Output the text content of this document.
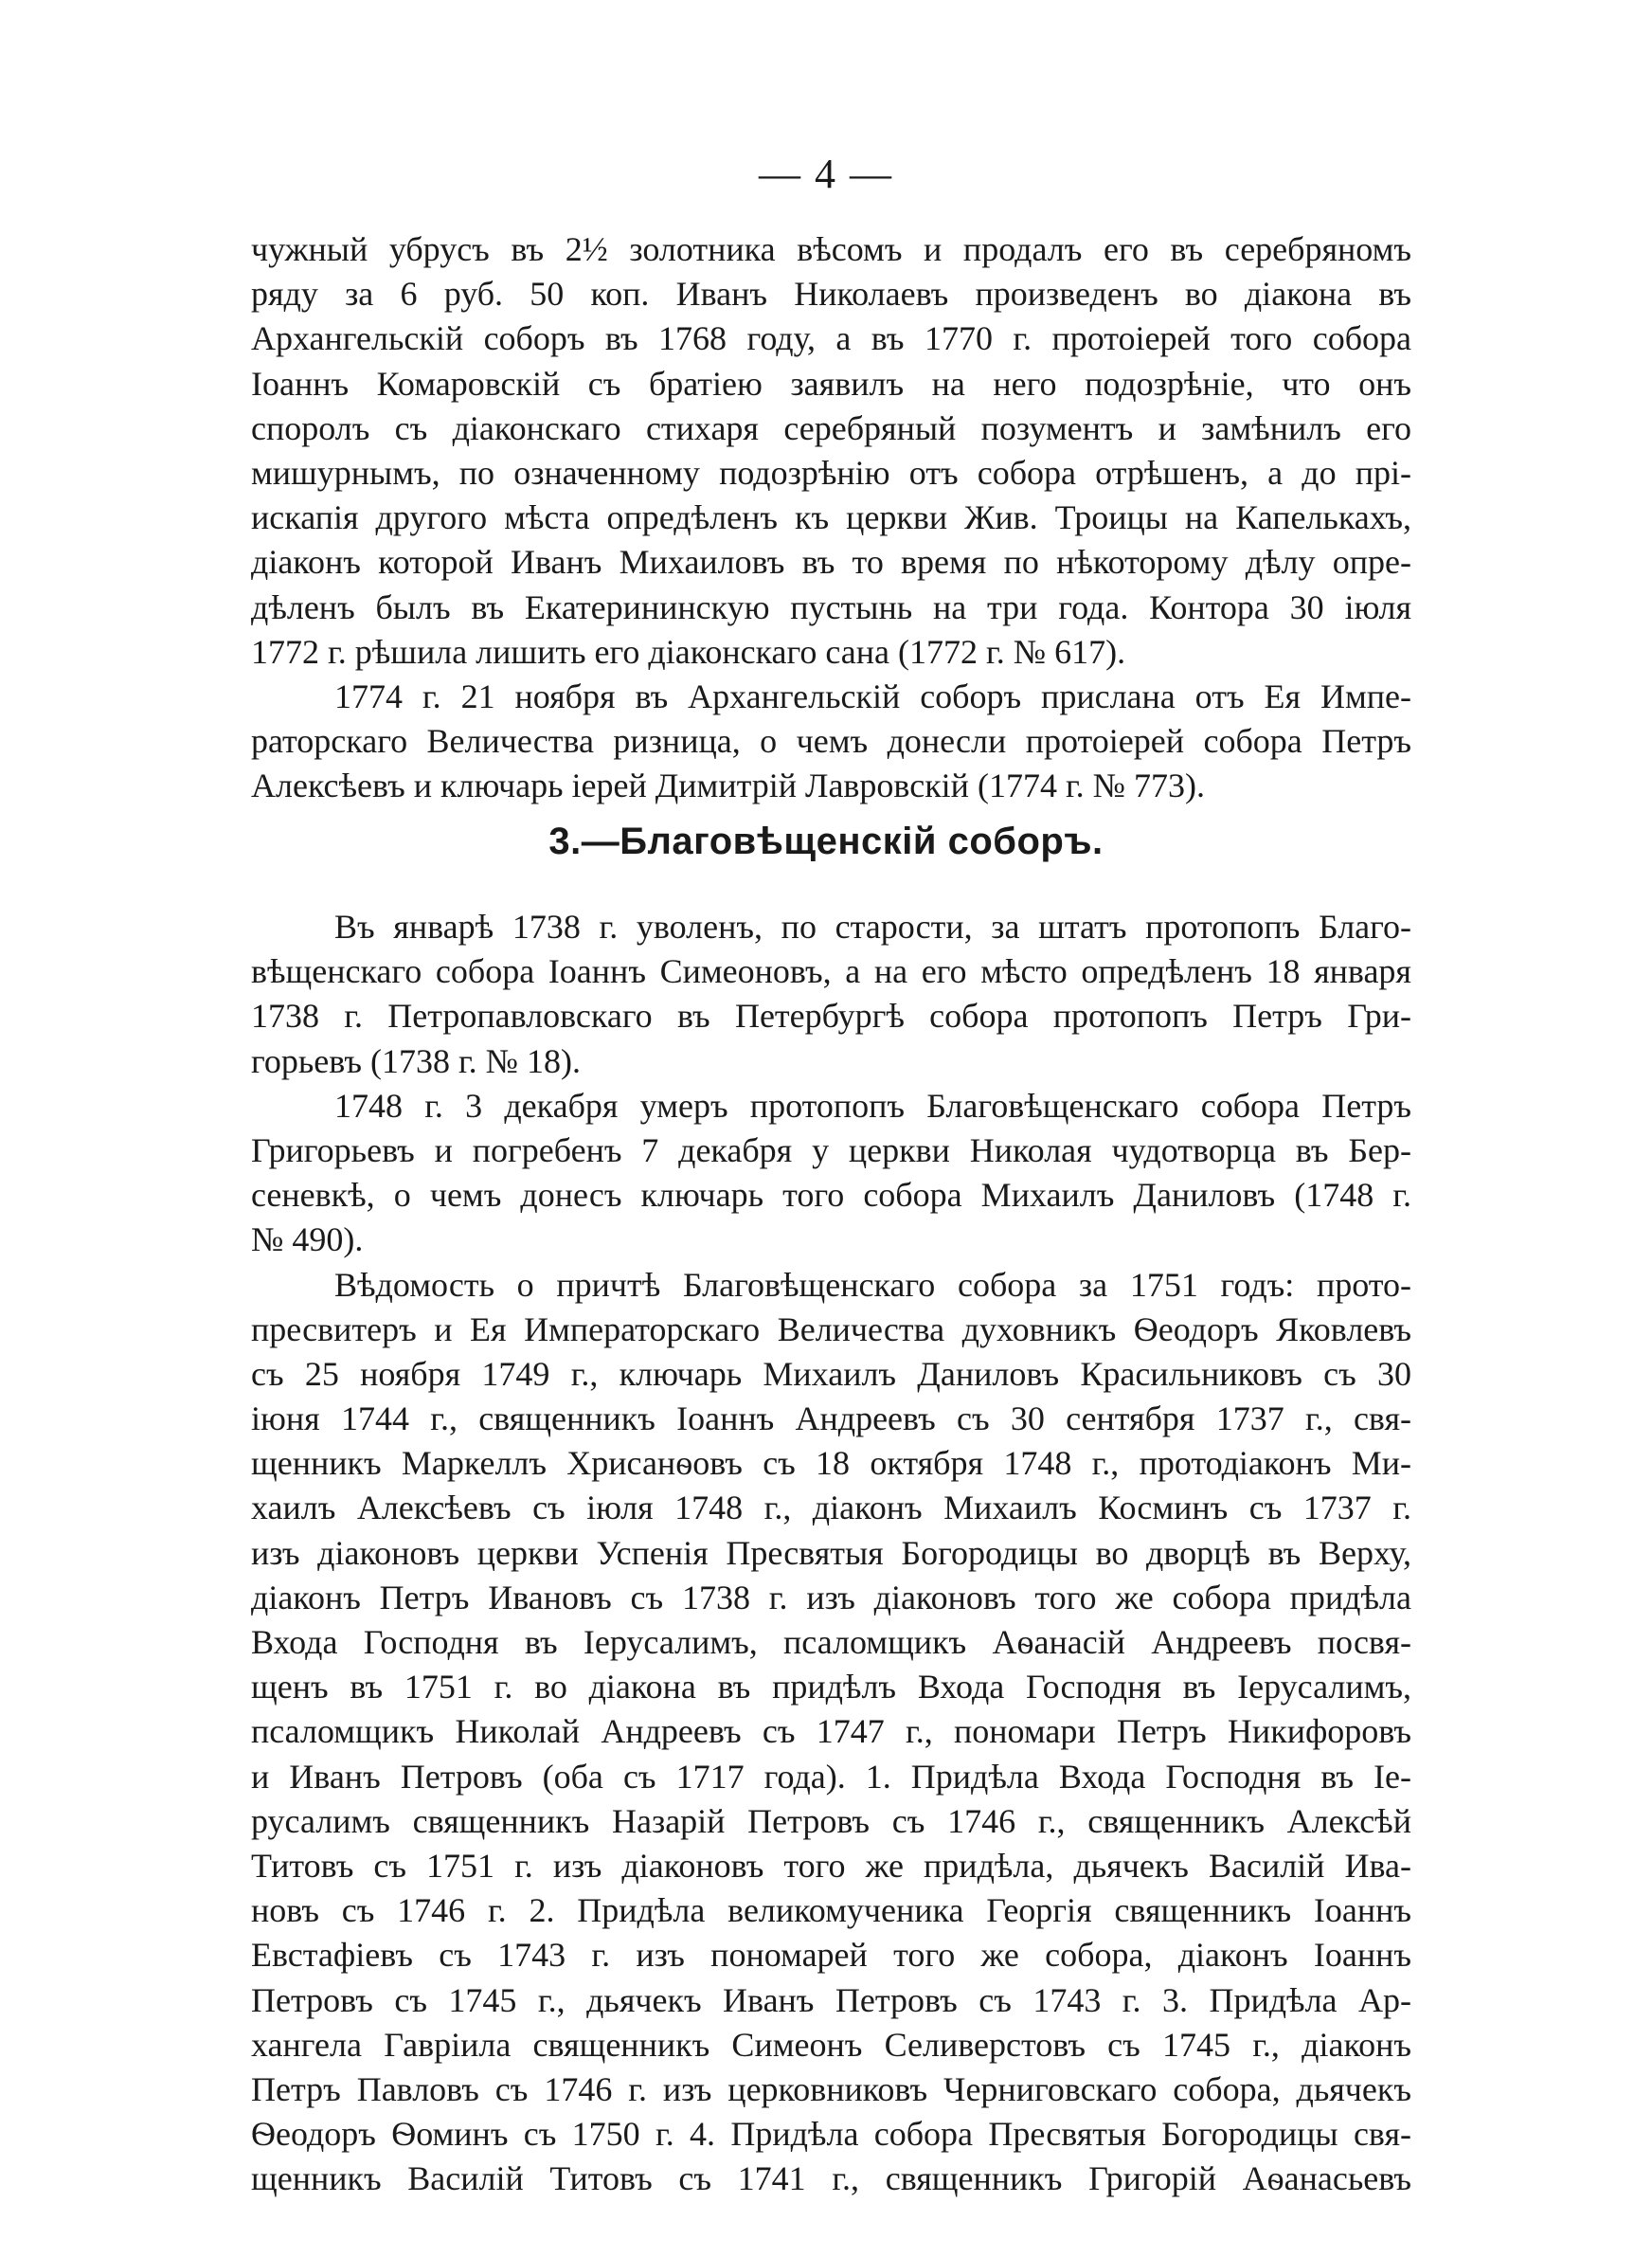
— 4 —
чужный убрусъ въ 2½ золотника вѣсомъ и продалъ его въ серебряномъ
ряду за 6 руб. 50 коп. Иванъ Николаевъ произведенъ во діакона въ
Архангельскій соборъ въ 1768 году, а въ 1770 г. протоіерей того собора
Іоаннъ Комаровскій съ братіею заявилъ на него подозрѣніе, что онъ
споролъ съ діаконскаго стихаря серебряный позументъ и замѣнилъ его
мишурнымъ, по означенному подозрѣнію отъ собора отрѣшенъ, а до прі-
искапія другого мѣста опредѣленъ къ церкви Жив. Троицы на Капелькахъ,
діаконъ которой Иванъ Михаиловъ въ то время по нѣкоторому дѣлу опре-
дѣленъ былъ въ Екатерининскую пустынь на три года. Контора 30 іюля
1772 г. рѣшила лишить его діаконскаго сана (1772 г. № 617).
1774 г. 21 ноября въ Архангельскій соборъ прислана отъ Ея Импе-
раторскаго Величества ризница, о чемъ донесли протоіерей собора Петръ
Алексѣевъ и ключарь іерей Димитрій Лавровскій (1774 г. № 773).
3.—Благовѣщенскій соборъ.
Въ январѣ 1738 г. уволенъ, по старости, за штатъ протопопъ Благо-
вѣщенскаго собора Іоаннъ Симеоновъ, а на его мѣсто опредѣленъ 18 января
1738 г. Петропавловскаго въ Петербургѣ собора протопопъ Петръ Гри-
горьевъ (1738 г. № 18).
1748 г. 3 декабря умеръ протопопъ Благовѣщенскаго собора Петръ
Григорьевъ и погребенъ 7 декабря у церкви Николая чудотворца въ Бер-
сеневкѣ, о чемъ донесъ ключарь того собора Михаилъ Даниловъ (1748 г.
№ 490).
Вѣдомость о причтѣ Благовѣщенскаго собора за 1751 годъ: прото-
пресвитеръ и Ея Императорскаго Величества духовникъ Ѳеодоръ Яковлевъ
съ 25 ноября 1749 г., ключарь Михаилъ Даниловъ Красильниковъ съ 30
іюня 1744 г., священникъ Іоаннъ Андреевъ съ 30 сентября 1737 г., свя-
щенникъ Маркеллъ Хрисанѳовъ съ 18 октября 1748 г., протодіаконъ Ми-
хаилъ Алексѣевъ съ іюля 1748 г., діаконъ Михаилъ Косминъ съ 1737 г.
изъ діаконовъ церкви Успенія Пресвятыя Богородицы во дворцѣ въ Верху,
діаконъ Петръ Ивановъ съ 1738 г. изъ діаконовъ того же собора придѣла
Входа Господня въ Іерусалимъ, псаломщикъ Аѳанасій Андреевъ посвя-
щенъ въ 1751 г. во діакона въ придѣлъ Входа Господня въ Іерусалимъ,
псаломщикъ Николай Андреевъ съ 1747 г., пономари Петръ Никифоровъ
и Иванъ Петровъ (оба съ 1717 года). 1. Придѣла Входа Господня въ Іе-
русалимъ священникъ Назарій Петровъ съ 1746 г., священникъ Алексѣй
Титовъ съ 1751 г. изъ діаконовъ того же придѣла, дьячекъ Василій Ива-
новъ съ 1746 г. 2. Придѣла великомученика Георгія священникъ Іоаннъ
Евстафіевъ съ 1743 г. изъ пономарей того же собора, діаконъ Іоаннъ
Петровъ съ 1745 г., дьячекъ Иванъ Петровъ съ 1743 г. 3. Придѣла Ар-
хангела Гавріила священникъ Симеонъ Селиверстовъ съ 1745 г., діаконъ
Петръ Павловъ съ 1746 г. изъ церковниковъ Черниговскаго собора, дьячекъ
Ѳеодоръ Ѳоминъ съ 1750 г. 4. Придѣла собора Пресвятыя Богородицы свя-
щенникъ Василій Титовъ съ 1741 г., священникъ Григорій Аѳанасьевъ
